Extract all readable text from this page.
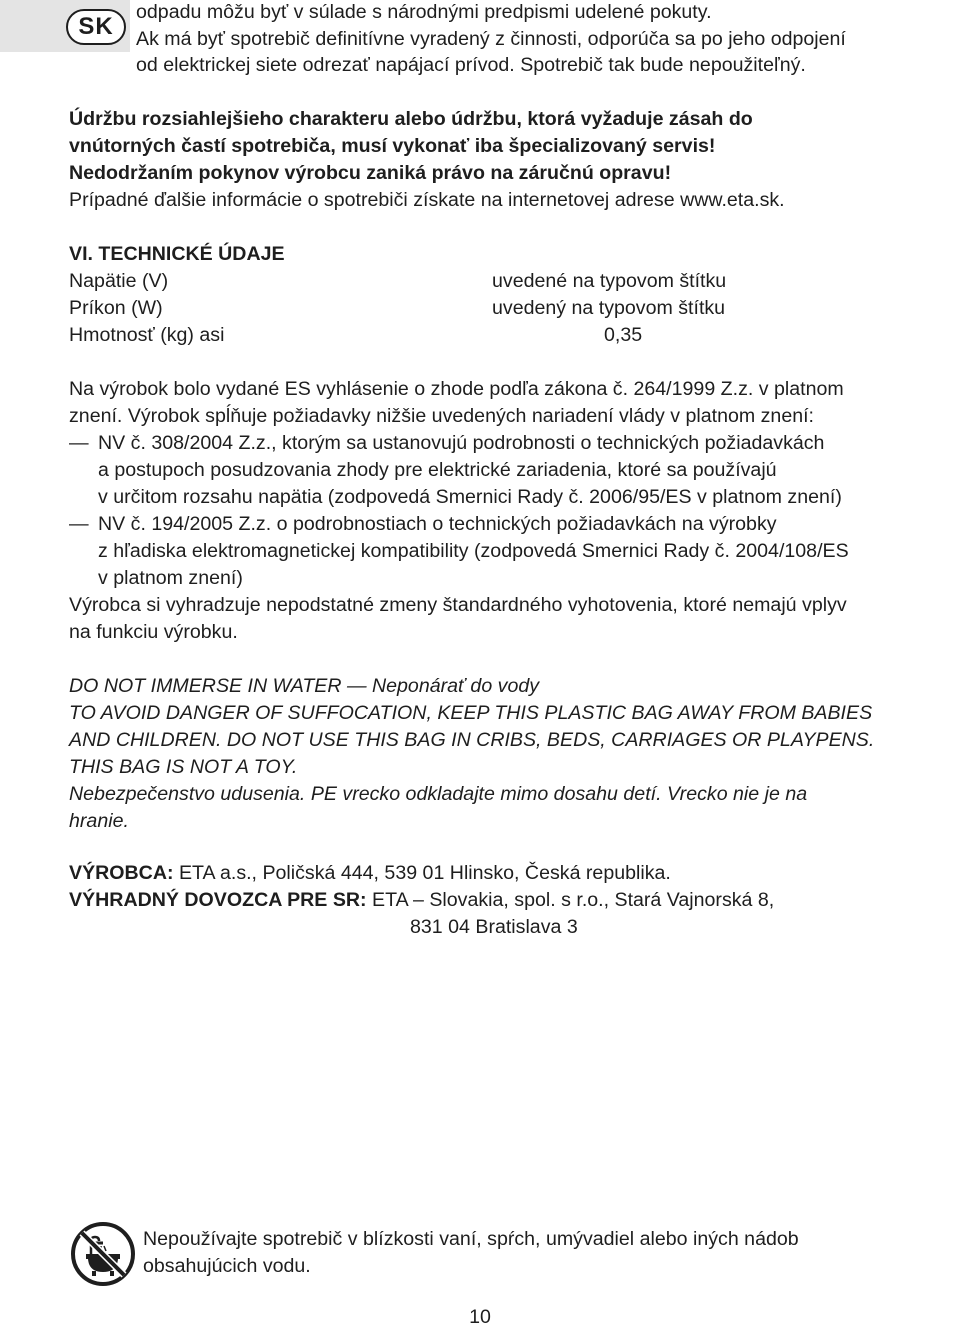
SK
odpadu môžu byť v súlade s národnými predpismi udelené pokuty.
Ak má byť spotrebič definitívne vyradený z činnosti, odporúča sa po jeho odpojení
od elektrickej siete odrezať napájací prívod. Spotrebič tak bude nepoužiteľný.
Údržbu rozsiahlejšieho charakteru alebo údržbu, ktorá vyžaduje zásah do
vnútorných častí spotrebiča, musí vykonať iba špecializovaný servis!
Nedodržaním pokynov výrobcu zaniká právo na záručnú opravu!
Prípadné ďalšie informácie o spotrebiči získate na internetovej adrese www.eta.sk.
VI. TECHNICKÉ ÚDAJE
Napätie (V)	uvedené na typovom štítku
Príkon (W)	uvedený na typovom štítku
Hmotnosť (kg) asi	0,35
Na výrobok bolo vydané ES vyhlásenie o zhode podľa zákona č. 264/1999 Z.z. v platnom
znení. Výrobok spĺňuje požiadavky nižšie uvedených nariadení vlády v platnom znení:
— NV č. 308/2004 Z.z., ktorým sa ustanovujú podrobnosti o technických požiadavkách
a postupoch posudzovania zhody pre elektrické zariadenia, ktoré sa používajú
v určitom rozsahu napätia (zodpovedá Smernici Rady č. 2006/95/ES v platnom znení)
— NV č. 194/2005 Z.z. o podrobnostiach o technických požiadavkách na výrobky
z hľadiska elektromagnetickej kompatibility (zodpovedá Smernici Rady č. 2004/108/ES
v platnom znení)
Výrobca si vyhradzuje nepodstatné zmeny štandardného vyhotovenia, ktoré nemajú vplyv
na funkciu výrobku.
DO NOT IMMERSE IN WATER — Neponárať do vody
TO AVOID DANGER OF SUFFOCATION, KEEP THIS PLASTIC BAG AWAY FROM BABIES
AND CHILDREN. DO NOT USE THIS BAG IN CRIBS, BEDS, CARRIAGES OR PLAYPENS.
THIS BAG IS NOT A TOY.
Nebezpečenstvo udusenia. PE vrecko odkladajte mimo dosahu detí. Vrecko nie je na
hranie.
VÝROBCA: ETA a.s., Poličská 444, 539 01 Hlinsko, Česká republika.
VÝHRADNÝ DOVOZCA PRE SR: ETA – Slovakia, spol. s r.o., Stará Vajnorská 8,
831 04 Bratislava 3
Nepoužívajte spotrebič v blízkosti vaní, spŕch, umývadiel alebo iných nádob
obsahujúcich vodu.
10
